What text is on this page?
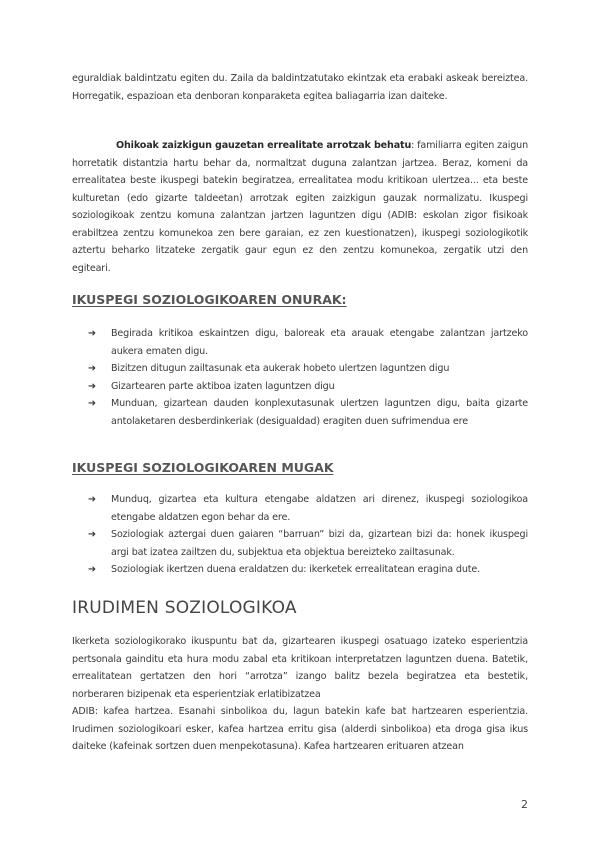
eguraldiak baldintzatu egiten du. Zaila da baldintzatutako ekintzak eta erabaki askeak bereiztea. Horregatik, espazioan eta denboran konparaketa egitea baliagarria izan daiteke.

Ohikoak zaizkigun gauzetan errealitate arrotzak behatu: familiarra egiten zaigun horretatik distantzia hartu behar da, normaltzat duguna zalantzan jartzea. Beraz, komeni da errealitatea beste ikuspegi batekin begiratzea, errealitatea modu kritikoan ulertzea... eta beste kulturetan (edo gizarte taldeetan) arrotzak egiten zaizkigun gauzak normalizatu. Ikuspegi soziologikoak zentzu komuna zalantzan jartzen laguntzen digu (ADIB: eskolan zigor fisikoak erabiltzea zentzu komunekoa zen bere garaian, ez zen kuestionatzen), ikuspegi soziologikotik aztertu beharko litzateke zergatik gaur egun ez den zentzu komunekoa, zergatik utzi den egiteari.

IKUSPEGI SOZIOLOGIKOAREN ONURAK:
➔ Begirada kritikoa eskaintzen digu, baloreak eta arauak etengabe zalantzan jartzeko aukera ematen digu.
➔ Bizitzen ditugun zailtasunak eta aukerak hobeto ulertzen laguntzen digu
➔ Gizartearen parte aktiboa izaten laguntzen digu
➔ Munduan, gizartean dauden konplexutasunak ulertzen laguntzen digu, baita gizarte antolaketaren desberdinkeriak (desigualdad) eragiten duen sufrimendua ere
IKUSPEGI SOZIOLOGIKOAREN MUGAK
➔ Munduq, gizartea eta kultura etengabe aldatzen ari direnez, ikuspegi soziologikoa etengabe aldatzen egon behar da ere.
➔ Soziologiak aztergai duen gaiaren “barruan” bizi da, gizartean bizi da: honek ikuspegi argi bat izatea zailtzen du, subjektua eta objektua bereizteko zailtasunak.
➔ Soziologiak ikertzen duena eraldatzen du: ikerketek errealitatean eragina dute.
IRUDIMEN SOZIOLOGIKOA

Ikerketa soziologikorako ikuspuntu bat da, gizartearen ikuspegi osatuago izateko esperientzia pertsonala gainditu eta hura modu zabal eta kritikoan interpretatzen laguntzen duena. Batetik, errealitatean gertatzen den hori “arrotza” izango balitz bezela begiratzea eta bestetik, norberaren bizipenak eta esperientziak erlatibizatzea
ADIB: kafea hartzea. Esanahi sinbolikoa du, lagun batekin kafe bat hartzearen esperientzia. Irudimen soziologikoari esker, kafea hartzea erritu gisa (alderdi sinbolikoa) eta droga gisa ikus daiteke (kafeinak sortzen duen menpekotasuna). Kafea hartzearen erituaren atzean

2
